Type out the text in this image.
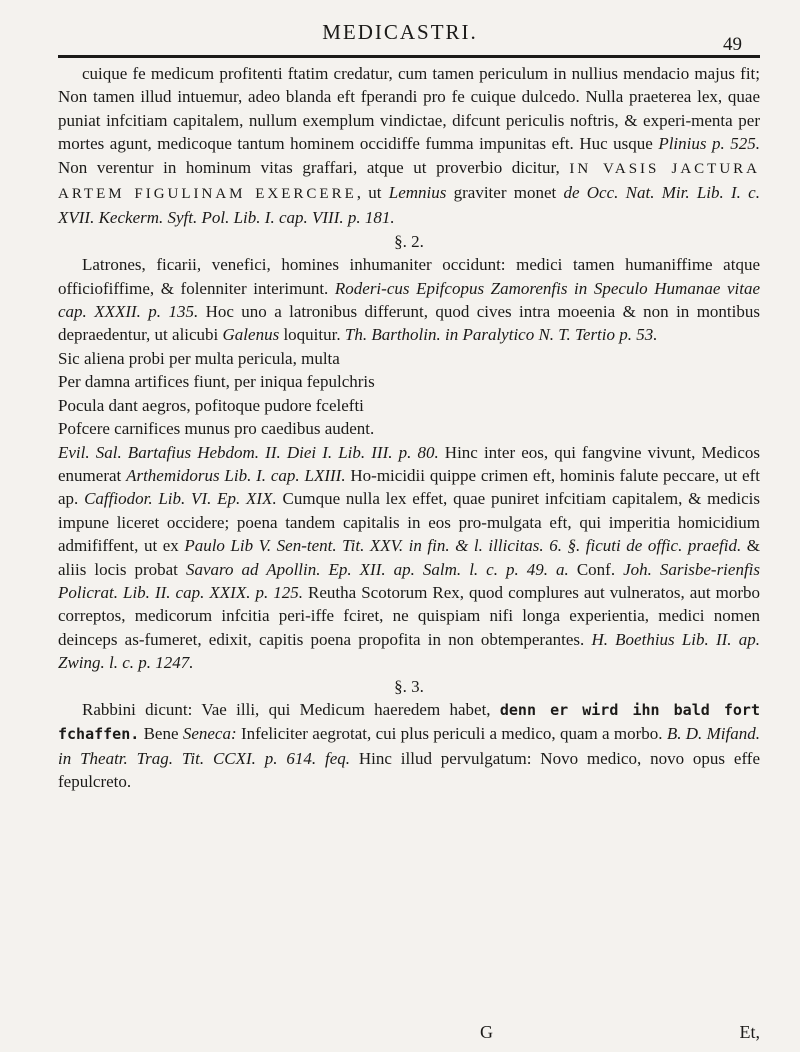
MEDICASTRI.
49

cuique fe medicum profitenti ftatim credatur, cum tamen periculum in nullius mendacio majus fit; Non tamen illud intuemur, adeo blanda eft fperandi pro fe cuique dulcedo. Nulla praeterea lex, quae puniat infcitiam capitalem, nullum exemplum vindictae, difcunt periculis noftris, & experi-menta per mortes agunt, medicoque tantum hominem occidiffe fumma impunitas eft. Huc usque Plinius p. 525. Non verentur in hominum vitas graffari, atque ut proverbio dicitur, IN VASIS JACTURA ARTEM FIGULINAM EXERCERE, ut Lemnius graviter monet de Occ. Nat. Mir. Lib. I. c. XVII. Keckerm. Syft. Pol. Lib. I. cap. VIII. p. 181.

§. 2.

Latrones, ficarii, venefici, homines inhumaniter occidunt: medici tamen humaniffime atque officiofiffime, & folenniter interimunt. Roderi-cus Epifcopus Zamorenfis in Speculo Humanae vitae cap. XXXII. p. 135. Hoc uno a latronibus differunt, quod cives intra moeenia & non in montibus depraedentur, ut alicubi Galenus loquitur. Th. Bartholin. in Paralytico N. T. Tertio p. 53.

Sic aliena probi per multa pericula, multa

Per damna artifices fiunt, per iniqua fepulchris

Pocula dant aegros, pofitoque pudore fcelefti

Pofcere carnifices munus pro caedibus audent.

Evil. Sal. Bartafius Hebdom. II. Diei I. Lib. III. p. 80. Hinc inter eos, qui fangvine vivunt, Medicos enumerat Arthemidorus Lib. I. cap. LXIII. Ho-micidii quippe crimen eft, hominis falute peccare, ut eft ap. Caffiodor. Lib. VI. Ep. XIX. Cumque nulla lex effet, quae puniret infcitiam capitalem, & medicis impune liceret occidere; poena tandem capitalis in eos pro-mulgata eft, qui imperitia homicidium admififfent, ut ex Paulo Lib V. Sen-tent. Tit. XXV. in fin. & l. illicitas. 6. §. ficuti de offic. praefid. & aliis locis probat Savaro ad Apollin. Ep. XII. ap. Salm. l. c. p. 49. a. Conf. Joh. Sarisbe-rienfis Policrat. Lib. II. cap. XXIX. p. 125. Reutha Scotorum Rex, quod complures aut vulneratos, aut morbo correptos, medicorum infcitia peri-iffe fciret, ne quispiam nifi longa experientia, medici nomen deinceps as-fumeret, edixit, capitis poena propofita in non obtemperantes. H. Boethius Lib. II. ap. Zwing. l. c. p. 1247.

§. 3.

Rabbini dicunt: Vae illi, qui Medicum haeredem habet, denn er wird ihn bald fort fchaffen. Bene Seneca: Infeliciter aegrotat, cui plus periculi a medico, quam a morbo. B. D. Mifand. in Theatr. Trag. Tit. CCXI. p. 614. feq. Hinc illud pervulgatum: Novo medico, novo opus effe fepulcreto.

G	Et,
